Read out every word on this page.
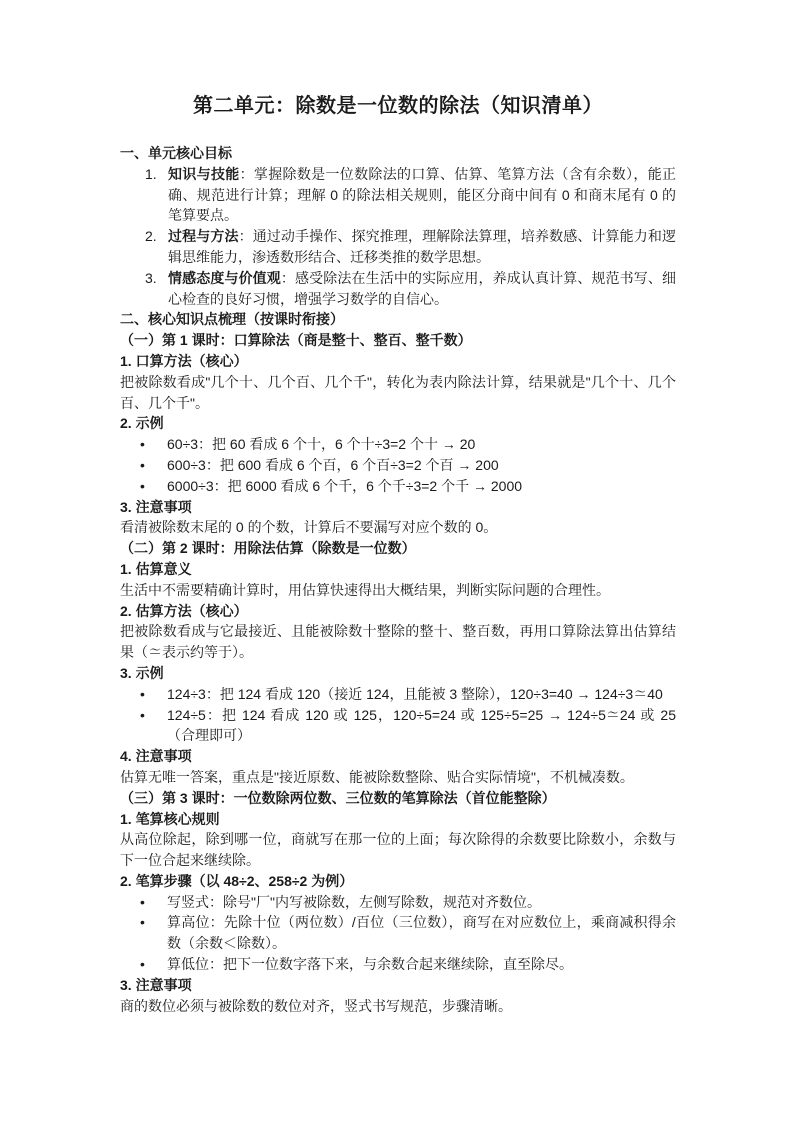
第二单元：除数是一位数的除法（知识清单）
一、单元核心目标
1. 知识与技能：掌握除数是一位数除法的口算、估算、笔算方法（含有余数），能正确、规范进行计算；理解 0 的除法相关规则，能区分商中间有 0 和商末尾有 0 的笔算要点。
2. 过程与方法：通过动手操作、探究推理，理解除法算理，培养数感、计算能力和逻辑思维能力，渗透数形结合、迁移类推的数学思想。
3. 情感态度与价值观：感受除法在生活中的实际应用，养成认真计算、规范书写、细心检查的良好习惯，增强学习数学的自信心。
二、核心知识点梳理（按课时衔接）
（一）第 1 课时：口算除法（商是整十、整百、整千数）
1. 口算方法（核心）
把被除数看成"几个十、几个百、几个千"，转化为表内除法计算，结果就是"几个十、几个百、几个千"。
2. 示例
•	60÷3：把 60 看成 6 个十，6 个十÷3=2 个十 → 20
•	600÷3：把 600 看成 6 个百，6 个百÷3=2 个百 → 200
•	6000÷3：把 6000 看成 6 个千，6 个千÷3=2 个千 → 2000
3. 注意事项
看清被除数末尾的 0 的个数，计算后不要漏写对应个数的 0。
（二）第 2 课时：用除法估算（除数是一位数）
1. 估算意义
生活中不需要精确计算时，用估算快速得出大概结果，判断实际问题的合理性。
2. 估算方法（核心）
把被除数看成与它最接近、且能被除数十整除的整十、整百数，再用口算除法算出估算结果（≃表示约等于）。
3. 示例
•	124÷3：把 124 看成 120（接近 124，且能被 3 整除），120÷3=40 → 124÷3≃40
•	124÷5：把 124 看成 120 或 125，120÷5=24 或 125÷5=25 → 124÷5≃24 或 25（合理即可）
4. 注意事项
估算无唯一答案，重点是"接近原数、能被除数整除、贴合实际情境"，不机械凑数。
（三）第 3 课时：一位数除两位数、三位数的笔算除法（首位能整除）
1. 笔算核心规则
从高位除起，除到哪一位，商就写在那一位的上面；每次除得的余数要比除数小，余数与下一位合起来继续除。
2. 笔算步骤（以 48÷2、258÷2 为例）
•	写竖式：除号"厂"内写被除数，左侧写除数，规范对齐数位。
•	算高位：先除十位（两位数）/百位（三位数），商写在对应数位上，乘商减积得余数（余数＜除数）。
•	算低位：把下一位数字落下来，与余数合起来继续除，直至除尽。
3. 注意事项
商的数位必须与被除数的数位对齐，竖式书写规范，步骤清晰。
